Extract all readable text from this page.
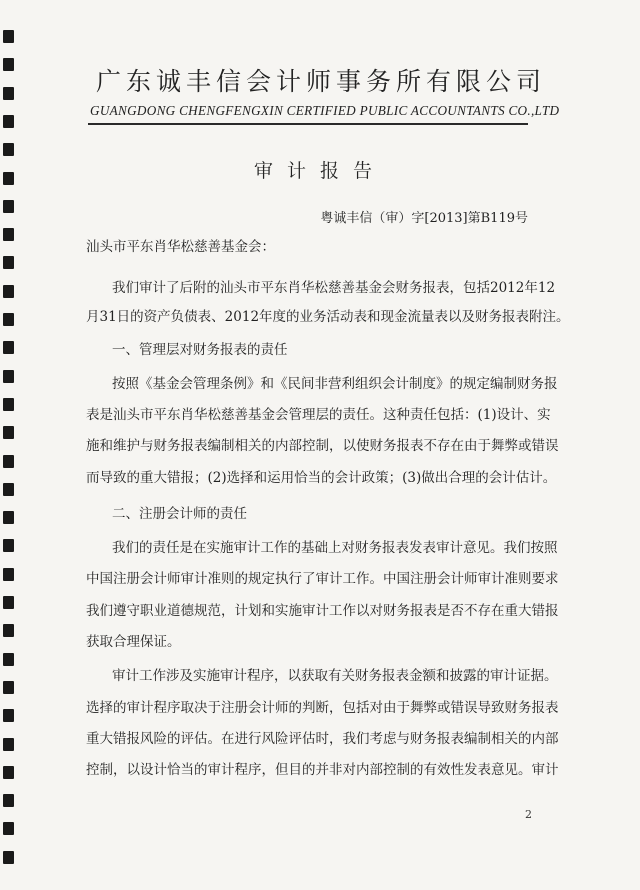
广东诚丰信会计师事务所有限公司
GUANGDONG CHENGFENGXIN CERTIFIED PUBLIC ACCOUNTANTS CO.,LTD
审计报告
粤诚丰信（审）字[2013]第B119号
汕头市平东肖华松慈善基金会：
我们审计了后附的汕头市平东肖华松慈善基金会财务报表，包括2012年12
月31日的资产负债表、2012年度的业务活动表和现金流量表以及财务报表附注。
一、管理层对财务报表的责任
按照《基金会管理条例》和《民间非营利组织会计制度》的规定编制财务报
表是汕头市平东肖华松慈善基金会管理层的责任。这种责任包括：(1)设计、实
施和维护与财务报表编制相关的内部控制，以使财务报表不存在由于舞弊或错误
而导致的重大错报；(2)选择和运用恰当的会计政策；(3)做出合理的会计估计。
二、注册会计师的责任
我们的责任是在实施审计工作的基础上对财务报表发表审计意见。我们按照
中国注册会计师审计准则的规定执行了审计工作。中国注册会计师审计准则要求
我们遵守职业道德规范，计划和实施审计工作以对财务报表是否不存在重大错报
获取合理保证。
审计工作涉及实施审计程序，以获取有关财务报表金额和披露的审计证据。
选择的审计程序取决于注册会计师的判断，包括对由于舞弊或错误导致财务报表
重大错报风险的评估。在进行风险评估时，我们考虑与财务报表编制相关的内部
控制，以设计恰当的审计程序，但目的并非对内部控制的有效性发表意见。审计
2
